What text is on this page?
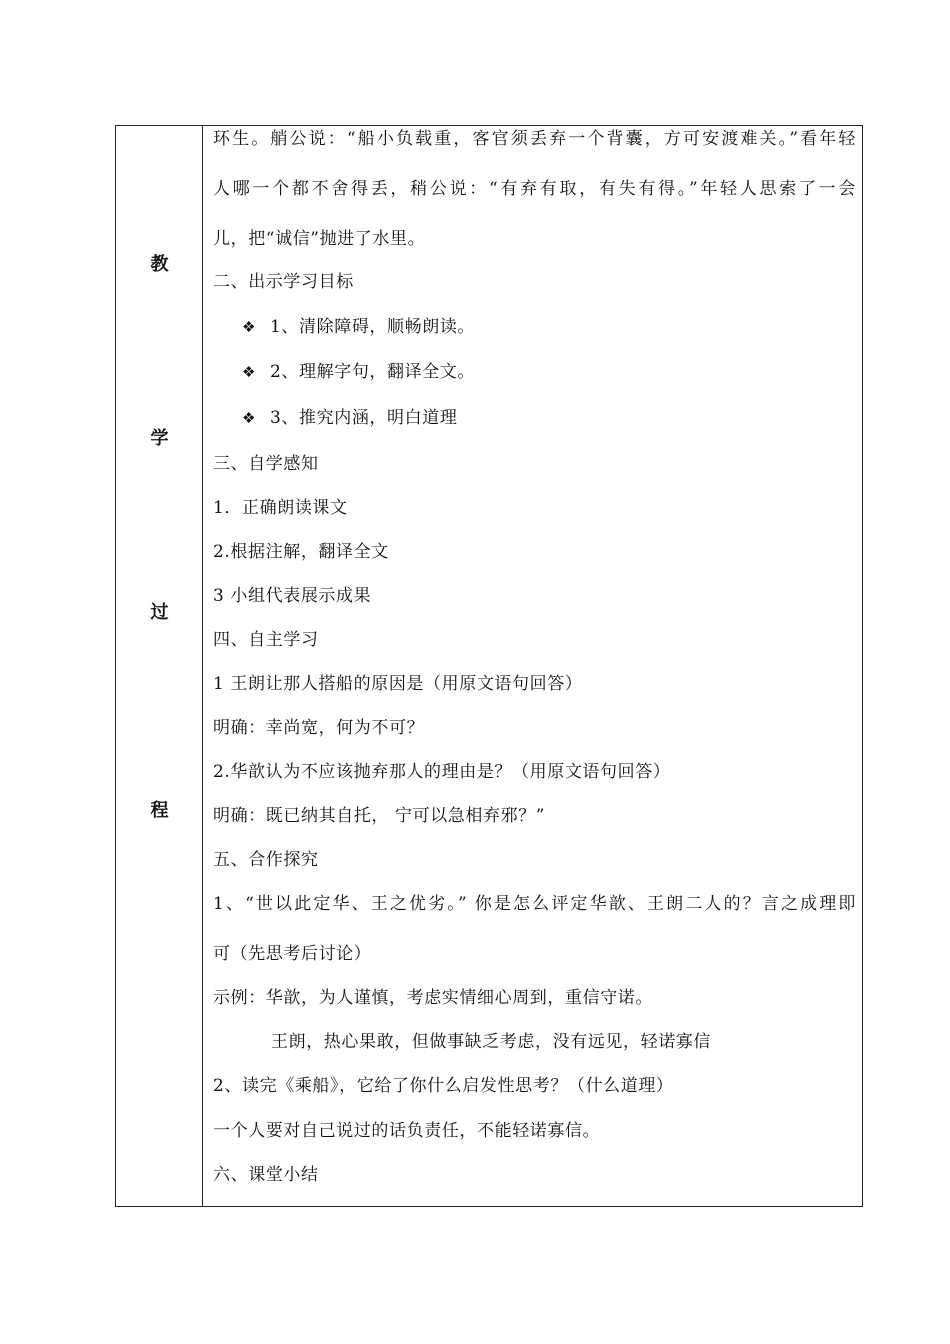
教
学
过
程
环生。艄公说：“船小负载重，客官须丢弃一个背囊，方可安渡难关。”看年轻
人哪一个都不舍得丢，稍公说：“有弃有取，有失有得。”年轻人思索了一会
儿，把“诚信”抛进了水里。
二、出示学习目标
❖ 1、清除障碍，顺畅朗读。
❖ 2、理解字句，翻译全文。
❖ 3、推究内涵，明白道理
三、自学感知
1．正确朗读课文
2.根据注解，翻译全文
3 小组代表展示成果
四、自主学习
1 王朗让那人搭船的原因是（用原文语句回答）
明确：幸尚宽，何为不可？
2.华歆认为不应该抛弃那人的理由是？（用原文语句回答）
明确：既已纳其自托， 宁可以急相弃邪？”
五、合作探究
1、“世以此定华、王之优劣。” 你是怎么评定华歆、王朗二人的？言之成理即
可（先思考后讨论）
示例：华歆，为人谨慎，考虑实情细心周到，重信守诺。
王朗，热心果敢，但做事缺乏考虑，没有远见，轻诺寡信
2、读完《乘船》，它给了你什么启发性思考？（什么道理）
一个人要对自己说过的话负责任，不能轻诺寡信。
六、课堂小结
